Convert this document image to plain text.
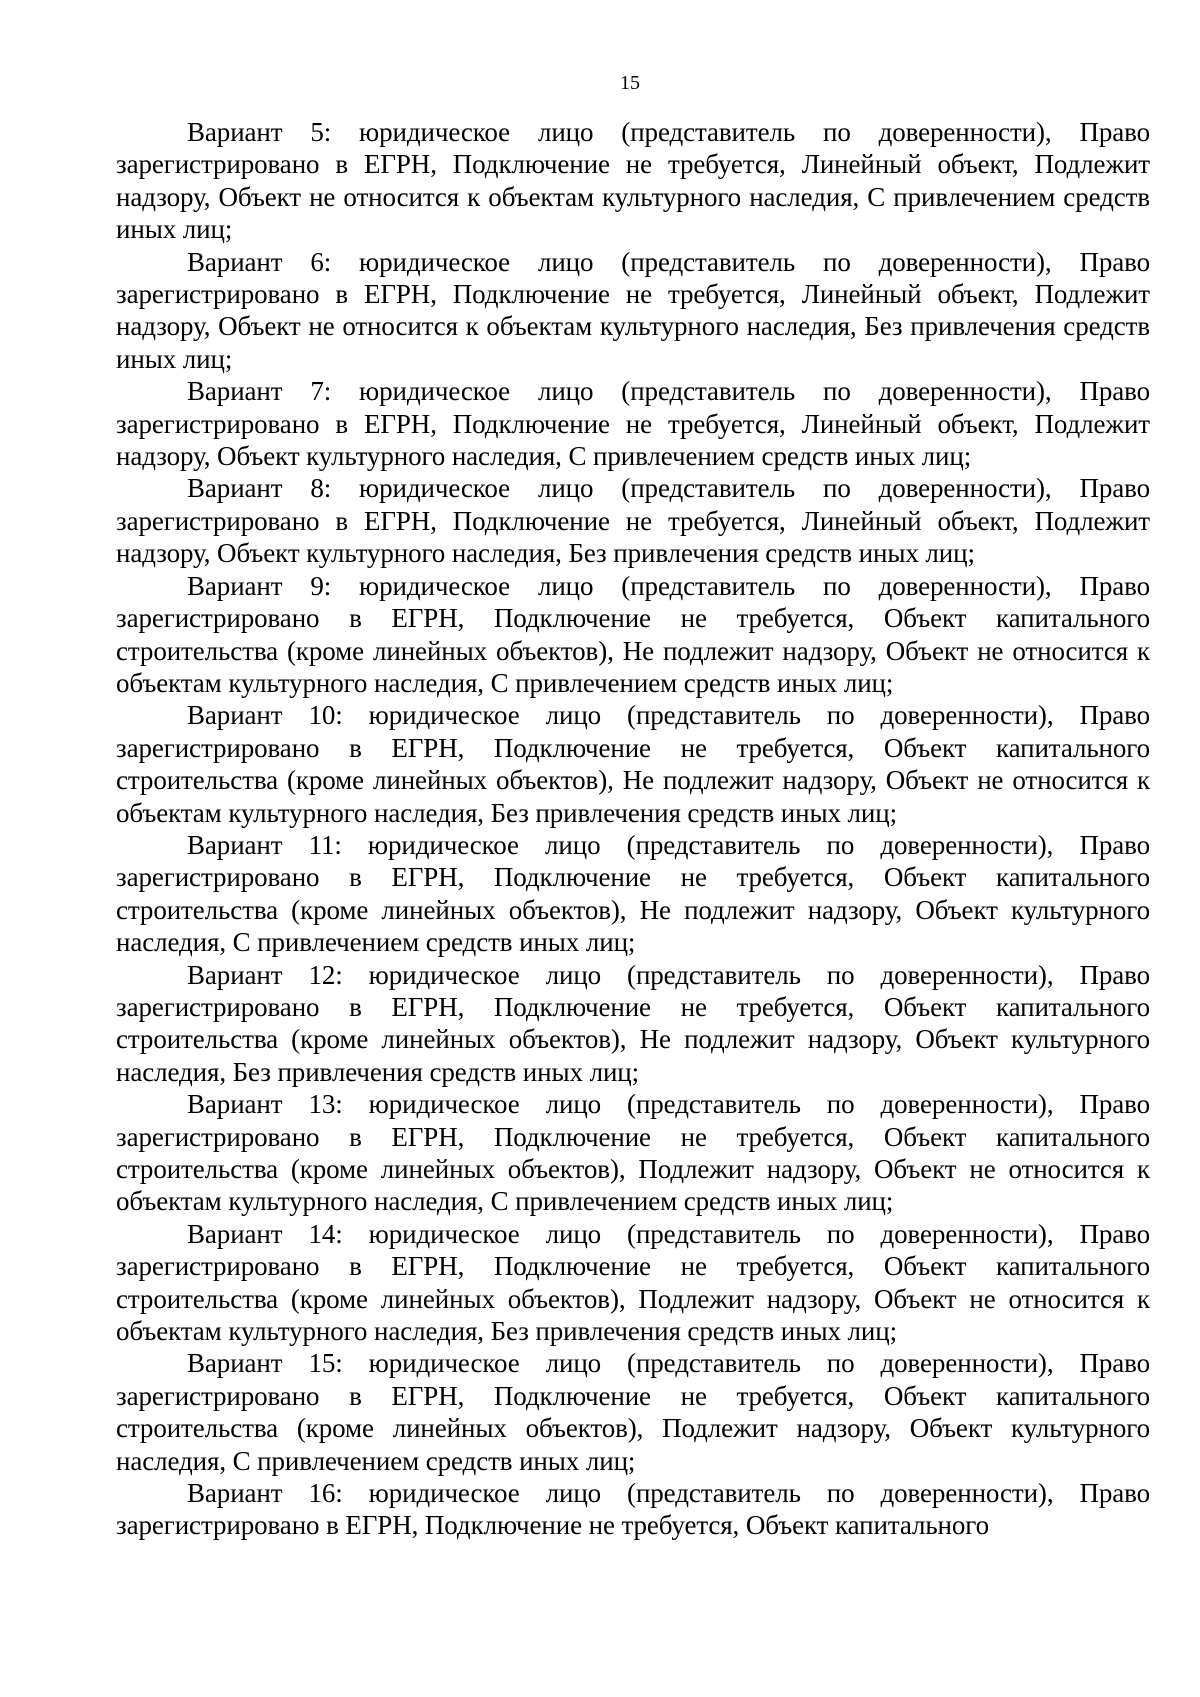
15

Вариант 5: юридическое лицо (представитель по доверенности), Право зарегистрировано в ЕГРН, Подключение не требуется, Линейный объект, Подлежит надзору, Объект не относится к объектам культурного наследия, С привлечением средств иных лиц;

Вариант 6: юридическое лицо (представитель по доверенности), Право зарегистрировано в ЕГРН, Подключение не требуется, Линейный объект, Подлежит надзору, Объект не относится к объектам культурного наследия, Без привлечения средств иных лиц;

Вариант 7: юридическое лицо (представитель по доверенности), Право зарегистрировано в ЕГРН, Подключение не требуется, Линейный объект, Подлежит надзору, Объект культурного наследия, С привлечением средств иных лиц;

Вариант 8: юридическое лицо (представитель по доверенности), Право зарегистрировано в ЕГРН, Подключение не требуется, Линейный объект, Подлежит надзору, Объект культурного наследия, Без привлечения средств иных лиц;

Вариант 9: юридическое лицо (представитель по доверенности), Право зарегистрировано в ЕГРН, Подключение не требуется, Объект капитального строительства (кроме линейных объектов), Не подлежит надзору, Объект не относится к объектам культурного наследия, С привлечением средств иных лиц;

Вариант 10: юридическое лицо (представитель по доверенности), Право зарегистрировано в ЕГРН, Подключение не требуется, Объект капитального строительства (кроме линейных объектов), Не подлежит надзору, Объект не относится к объектам культурного наследия, Без привлечения средств иных лиц;

Вариант 11: юридическое лицо (представитель по доверенности), Право зарегистрировано в ЕГРН, Подключение не требуется, Объект капитального строительства (кроме линейных объектов), Не подлежит надзору, Объект культурного наследия, С привлечением средств иных лиц;

Вариант 12: юридическое лицо (представитель по доверенности), Право зарегистрировано в ЕГРН, Подключение не требуется, Объект капитального строительства (кроме линейных объектов), Не подлежит надзору, Объект культурного наследия, Без привлечения средств иных лиц;

Вариант 13: юридическое лицо (представитель по доверенности), Право зарегистрировано в ЕГРН, Подключение не требуется, Объект капитального строительства (кроме линейных объектов), Подлежит надзору, Объект не относится к объектам культурного наследия, С привлечением средств иных лиц;

Вариант 14: юридическое лицо (представитель по доверенности), Право зарегистрировано в ЕГРН, Подключение не требуется, Объект капитального строительства (кроме линейных объектов), Подлежит надзору, Объект не относится к объектам культурного наследия, Без привлечения средств иных лиц;

Вариант 15: юридическое лицо (представитель по доверенности), Право зарегистрировано в ЕГРН, Подключение не требуется, Объект капитального строительства (кроме линейных объектов), Подлежит надзору, Объект культурного наследия, С привлечением средств иных лиц;

Вариант 16: юридическое лицо (представитель по доверенности), Право зарегистрировано в ЕГРН, Подключение не требуется, Объект капитального
